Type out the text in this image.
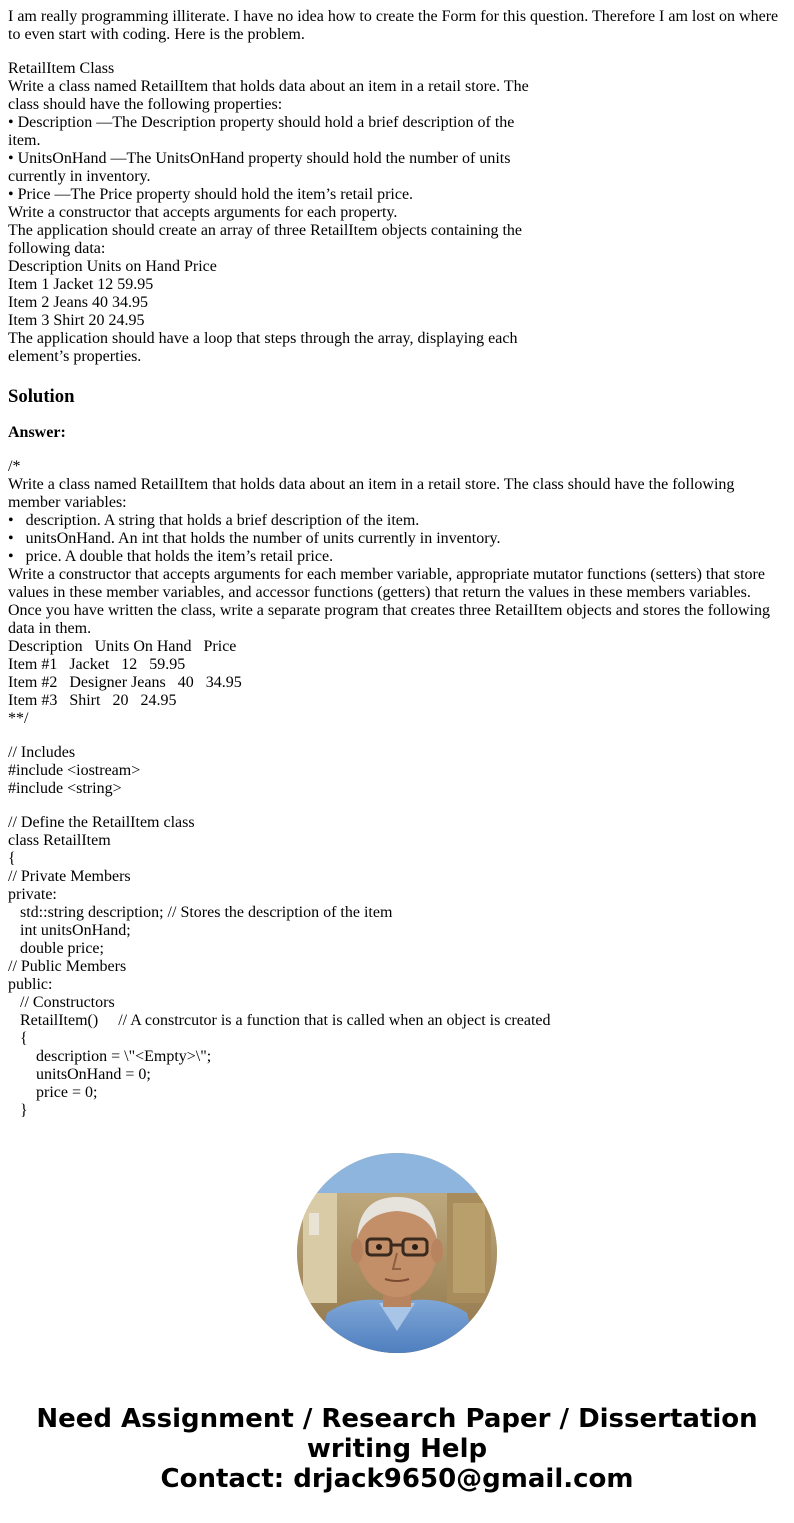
I am really programming illiterate. I have no idea how to create the Form for this question. Therefore I am lost on where to even start with coding. Here is the problem.
RetailItem Class
Write a class named RetailItem that holds data about an item in a retail store. The
class should have the following properties:
• Description —The Description property should hold a brief description of the
item.
• UnitsOnHand —The UnitsOnHand property should hold the number of units
currently in inventory.
• Price —The Price property should hold the item’s retail price.
Write a constructor that accepts arguments for each property.
The application should create an array of three RetailItem objects containing the
following data:
Description Units on Hand Price
Item 1 Jacket 12 59.95
Item 2 Jeans 40 34.95
Item 3 Shirt 20 24.95
The application should have a loop that steps through the array, displaying each
element’s properties.
Solution
Answer:
/*
Write a class named RetailItem that holds data about an item in a retail store. The class should have the following member variables:
•   description. A string that holds a brief description of the item.
•   unitsOnHand. An int that holds the number of units currently in inventory.
•   price. A double that holds the item’s retail price.
Write a constructor that accepts arguments for each member variable, appropriate mutator functions (setters) that store values in these member variables, and accessor functions (getters) that return the values in these members variables.
Once you have written the class, write a separate program that creates three RetailItem objects and stores the following data in them.
Description   Units On Hand   Price
Item #1   Jacket   12   59.95
Item #2   Designer Jeans   40   34.95
Item #3   Shirt   20   24.95
**/
// Includes
#include <iostream>
#include <string>
// Define the RetailItem class
class RetailItem
{
// Private Members
private:
std::string description; // Stores the description of the item
int unitsOnHand;
double price;
// Public Members
public:
// Constructors
RetailItem()     // A constrcutor is a function that is called when an object is created
{
description = \"<Empty>\";
unitsOnHand = 0;
price = 0;
}
Need Assignment / Research Paper / Dissertation
writing Help
Contact: drjack9650@gmail.com
